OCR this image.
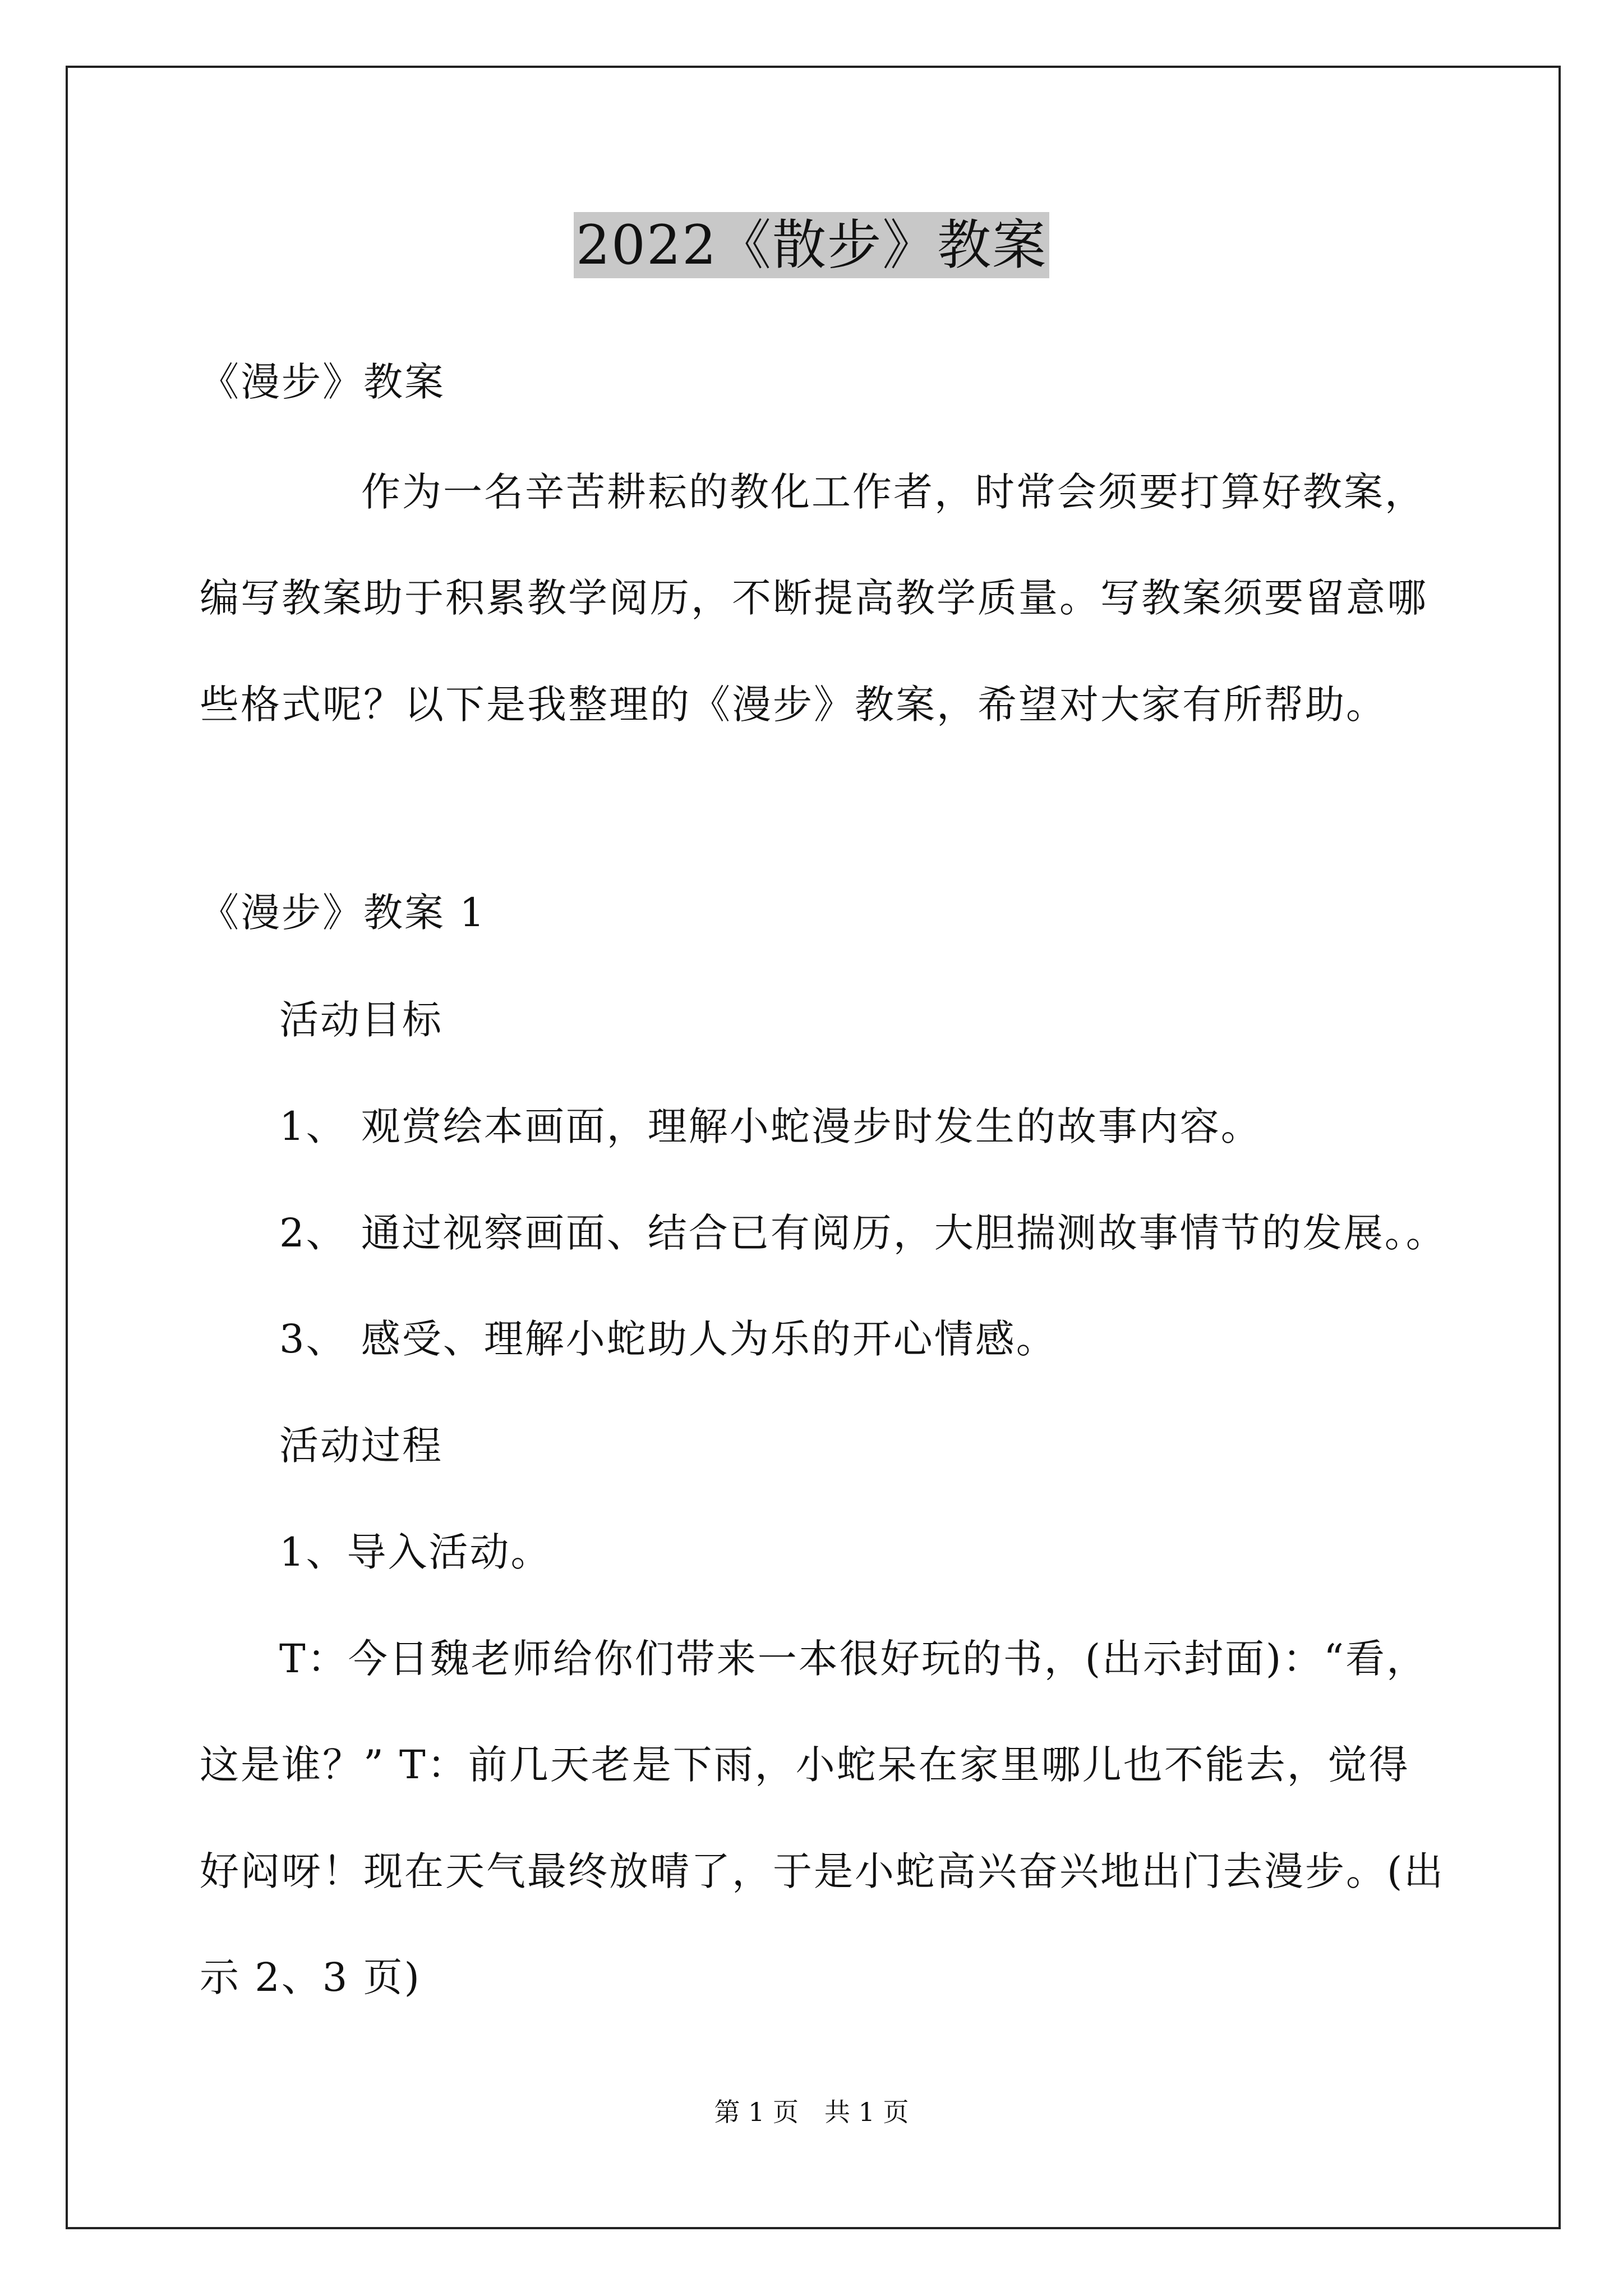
2022《散步》教案
《漫步》教案
作为一名辛苦耕耘的教化工作者，时常会须要打算好教案，
编写教案助于积累教学阅历，不断提高教学质量。写教案须要留意哪
些格式呢？以下是我整理的《漫步》教案，希望对大家有所帮助。
《漫步》教案 1
活动目标
1、 观赏绘本画面，理解小蛇漫步时发生的故事内容。
2、 通过视察画面、结合已有阅历，大胆揣测故事情节的发展。。
3、 感受、理解小蛇助人为乐的开心情感。
活动过程
1、导入活动。
T：今日魏老师给你们带来一本很好玩的书，(出示封面)：“看，
这是谁？” T：前几天老是下雨，小蛇呆在家里哪儿也不能去，觉得
好闷呀！现在天气最终放晴了，于是小蛇高兴奋兴地出门去漫步。(出
示 2、3 页)
第 1 页　共 1 页
